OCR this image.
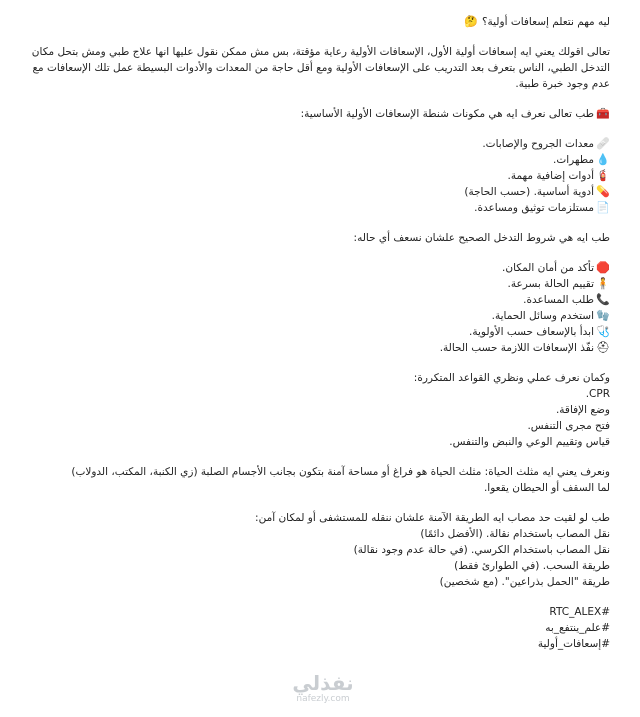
ليه مهم نتعلم إسعافات أولية؟
🤔

تعالى اقولك يعني ايه إسعافات أولية الأول، الإسعافات الأولية رعاية مؤقتة، بس مش ممكن نقول عليها انها علاج طبي ومش بتحل مكان التدخل الطبي، الناس بتعرف بعد التدريب على الإسعافات الأولية ومع أقل حاجة من المعدات والأدوات البسيطة عمل تلك الإسعافات مع عدم وجود خبرة طبية.

🧰
طب تعالى نعرف ايه هي مكونات شنطة الإسعافات الأولية الأساسية:
🩹
معدات الجروح والإصابات.
💧
مطهرات.
🧯
أدوات إضافية مهمة.
💊
أدوية أساسية. (حسب الحاجة)
📄
مستلزمات توثيق ومساعدة.

طب ايه هي شروط التدخل الصحيح علشان نسعف أي حاله:

🛑
تأكد من أمان المكان.
🧍
تقييم الحالة بسرعة.
📞
طلب المساعدة.
🧤
استخدم وسائل الحماية.
🩺
ابدأ بالإسعاف حسب الأولوية.
⛑
نفّذ الإسعافات اللازمة حسب الحالة.

وكمان نعرف عملي ونظري القواعد المتكررة:

CPR.
وضع الإفاقة.
فتح مجرى التنفس.
قياس وتقييم الوعي والنبض والتنفس.

ونعرف يعني ايه مثلث الحياة: مثلث الحياة هو فراغ أو مساحة آمنة بتكون بجانب الأجسام الصلبة (زي الكنبة، المكتب، الدولاب)

لما السقف أو الحيطان يقعوا.

طب لو لقيت حد مصاب ايه الطريقة الآمنة علشان ننقله للمستشفى أو لمكان آمن:

نقل المصاب باستخدام نقالة. (الأفضل دائمًا)
نقل المصاب باستخدام الكرسي. (في حالة عدم وجود نقالة)
طريقة السحب. (في الطوارئ فقط)
طريقة "الحمل بذراعين". (مع شخصين)
#RTC_ALEX
#علم_ينتفع_به
#إسعافات_أولية
نفذلي
nafezly.com
